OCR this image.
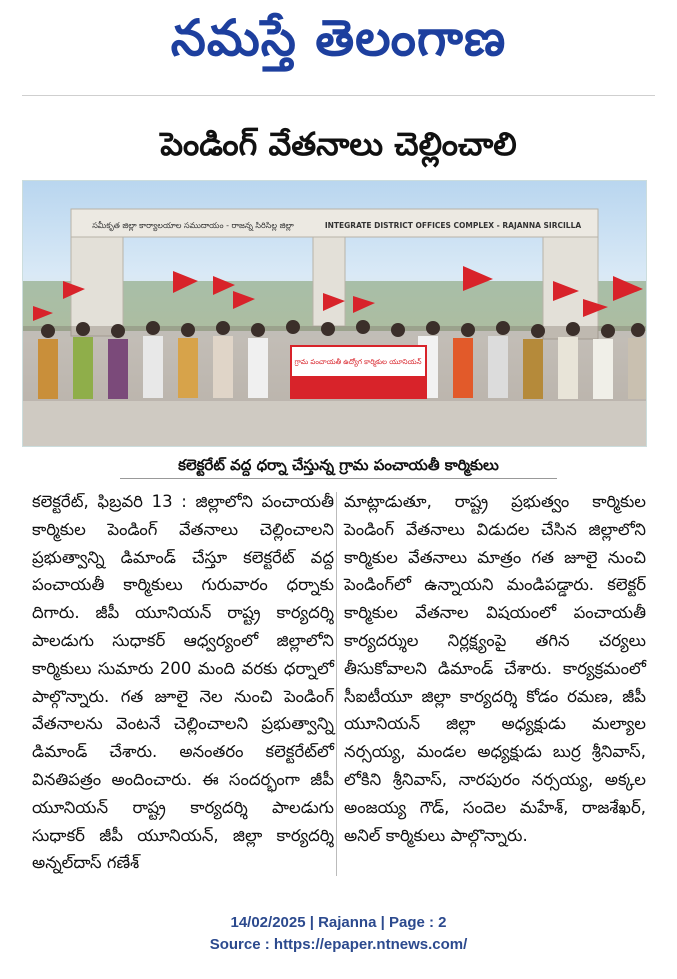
నమస్తే తెలంగాణ
పెండింగ్ వేతనాలు చెల్లించాలి
సమీకృత జిల్లా కార్యాలయాల సముదాయం - రాజన్న సిరిసిల్ల జిల్లా	INTEGRATE DISTRICT OFFICES COMPLEX - RAJANNA SIRCILLA
గ్రామ పంచాయతీ ఉద్యోగ కార్మికుల యూనియన్
కలెక్టరేట్ వద్ద ధర్నా చేస్తున్న గ్రామ పంచాయతీ కార్మికులు
కలెక్టరేట్, ఫిబ్రవరి 13 : జిల్లాలోని పంచాయతీ కార్మికుల పెండింగ్ వేతనాలు చెల్లించాలని ప్రభుత్వాన్ని డిమాండ్ చేస్తూ కలెక్టరేట్ వద్ద పంచాయతీ కార్మికులు గురువారం ధర్నాకు దిగారు. జీపీ యూనియన్ రాష్ట్ర కార్యదర్శి పాలడుగు సుధాకర్ ఆధ్వర్యంలో జిల్లాలోని కార్మికులు సుమారు 200 మంది వరకు ధర్నాలో పాల్గొన్నారు. గత జూలై నెల నుంచి పెండింగ్ వేతనాలను వెంటనే చెల్లించాలని ప్రభుత్వాన్ని డిమాండ్ చేశారు. అనంతరం కలెక్టరేట్‌లో వినతిపత్రం అందించారు. ఈ సందర్భంగా జీపీ యూనియన్ రాష్ట్ర కార్యదర్శి పాలడుగు సుధాకర్ జీపీ యూనియన్, జిల్లా కార్యదర్శి అన్నల్‌దాస్ గణేశ్
మాట్లాడుతూ, రాష్ట్ర ప్రభుత్వం కార్మికుల పెండింగ్ వేతనాలు విడుదల చేసిన జిల్లాలోని కార్మికుల వేతనాలు మాత్రం గత జూలై నుంచి పెండింగ్‌లో ఉన్నాయని మండిపడ్డారు. కలెక్టర్ కార్మికుల వేతనాల విషయంలో పంచాయతీ కార్యదర్శుల నిర్లక్ష్యంపై తగిన చర్యలు తీసుకోవాలని డిమాండ్ చేశారు. కార్యక్రమంలో సీఐటీయూ జిల్లా కార్యదర్శి కోడం రమణ, జీపీ యూనియన్ జిల్లా అధ్యక్షుడు మల్యాల నర్సయ్య, మండల అధ్యక్షుడు బుర్ర శ్రీనివాస్, లోకిని శ్రీనివాస్, నారపురం నర్సయ్య, అక్కల అంజయ్య గౌడ్, సందెల మహేశ్, రాజశేఖర్, అనిల్ కార్మికులు పాల్గొన్నారు.
14/02/2025 | Rajanna | Page : 2
Source : https://epaper.ntnews.com/
